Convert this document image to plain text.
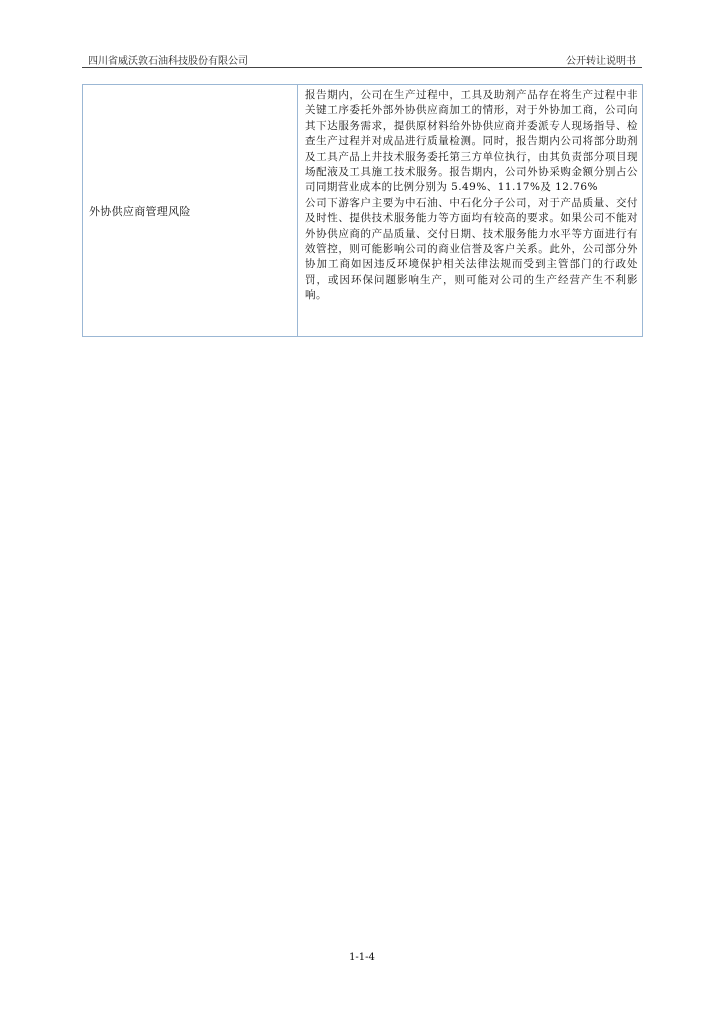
四川省威沃敦石油科技股份有限公司	公开转让说明书
外协供应商管理风险

报告期内，公司在生产过程中，工具及助剂产品存在将生产过程中非关键工序委托外部外协供应商加工的情形，对于外协加工商，公司向其下达服务需求，提供原材料给外协供应商并委派专人现场指导、检查生产过程并对成品进行质量检测。同时，报告期内公司将部分助剂及工具产品上井技术服务委托第三方单位执行，由其负责部分项目现场配液及工具施工技术服务。报告期内，公司外协采购金额分别占公司同期营业成本的比例分别为 5.49%、11.17%及 12.76%

公司下游客户主要为中石油、中石化分子公司，对于产品质量、交付及时性、提供技术服务能力等方面均有较高的要求。如果公司不能对外协供应商的产品质量、交付日期、技术服务能力水平等方面进行有效管控，则可能影响公司的商业信誉及客户关系。此外，公司部分外协加工商如因违反环境保护相关法律法规而受到主管部门的行政处罚，或因环保问题影响生产，则可能对公司的生产经营产生不利影响。

1-1-4
